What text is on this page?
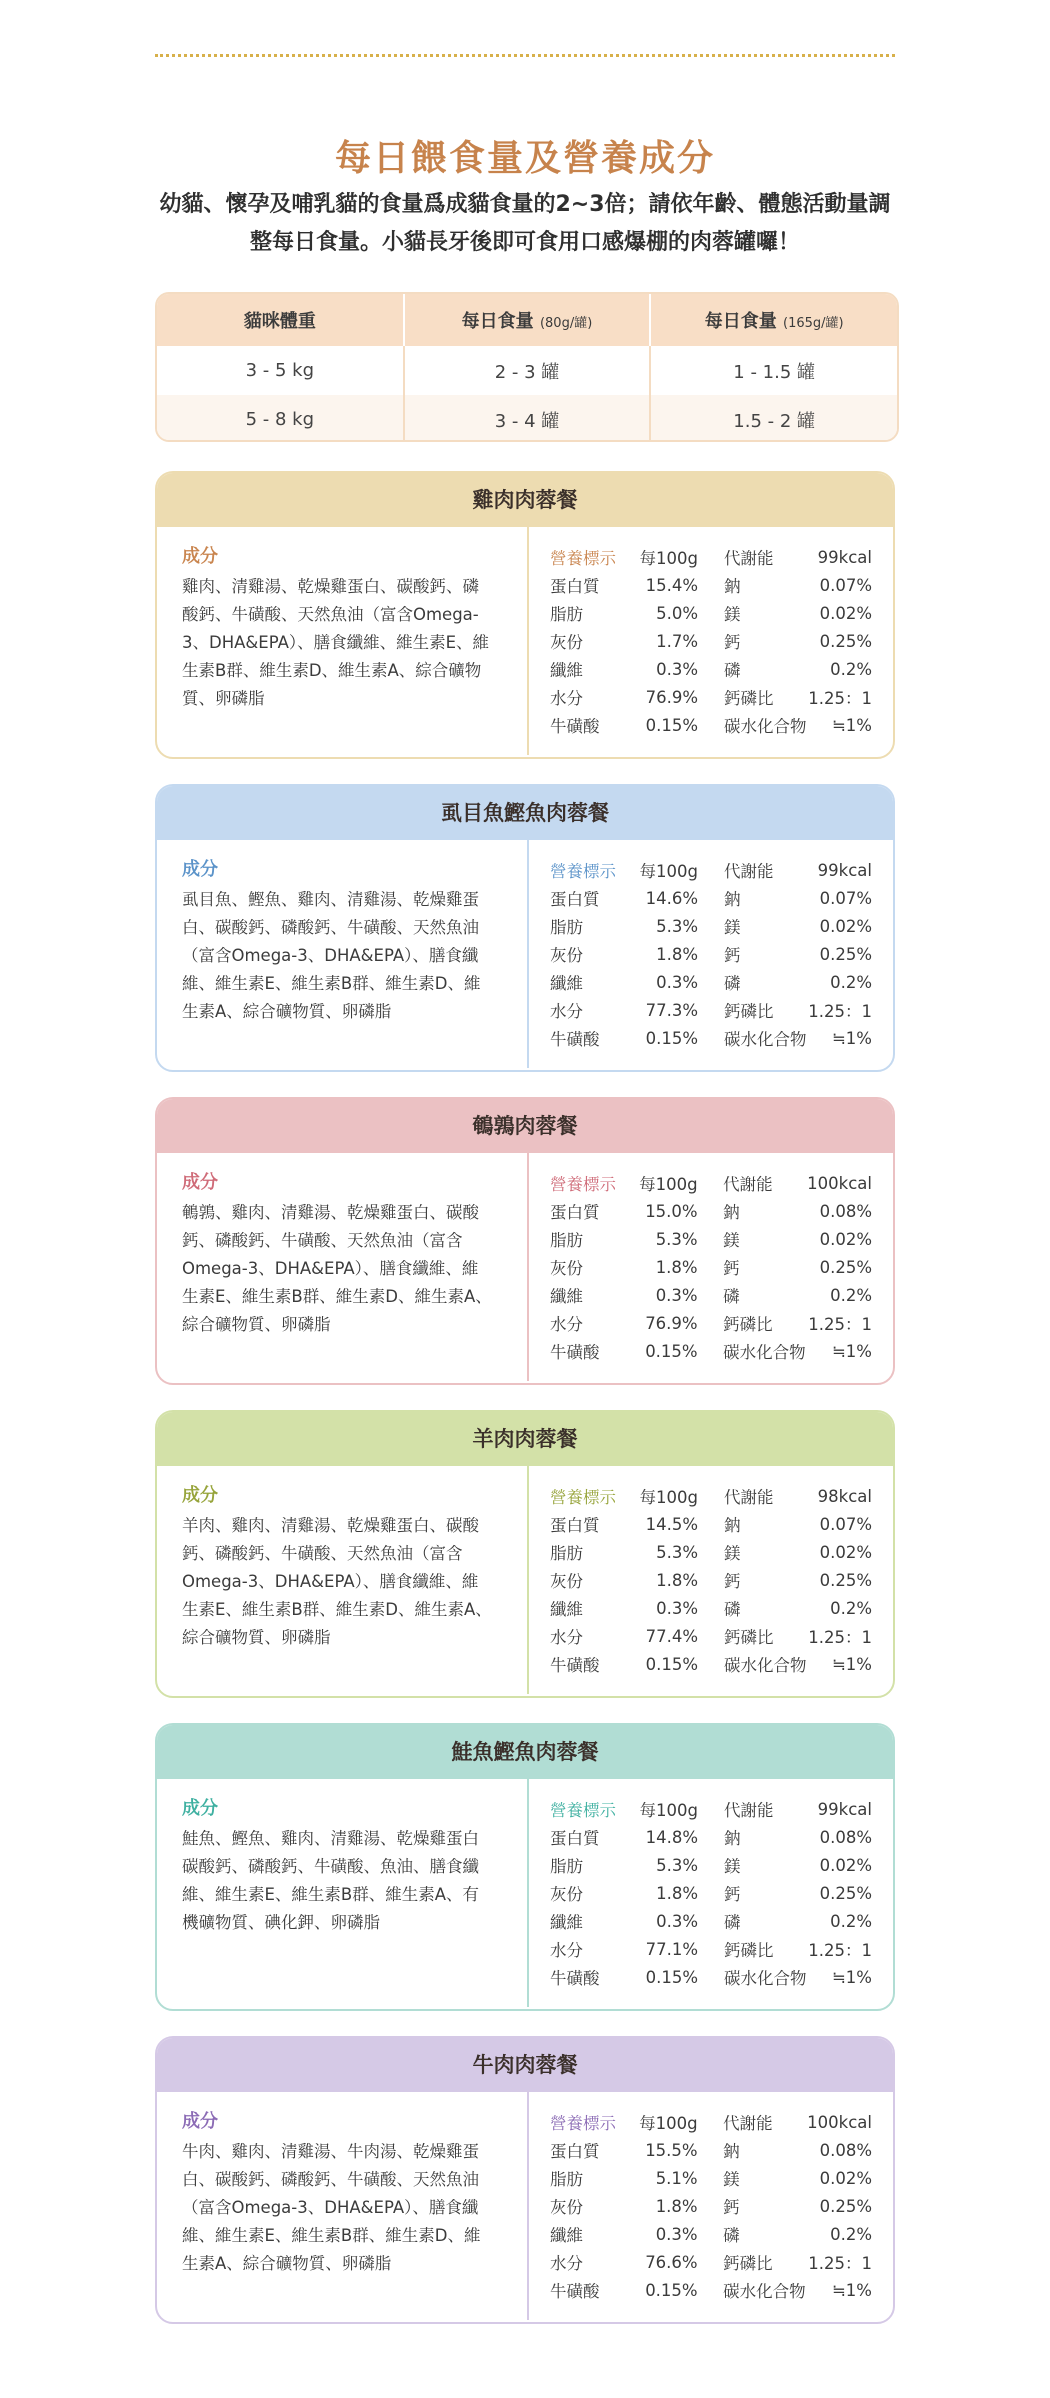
每日餵食量及營養成分
幼貓、懷孕及哺乳貓的食量爲成貓食量的2~3倍；請依年齡、體態活動量調整每日食量。小貓長牙後即可食用口感爆棚的肉蓉罐囉！
貓咪體重	每日食量 (80g/罐)	每日食量 (165g/罐)
3 - 5 kg	2 - 3 罐	1 - 1.5 罐
5 - 8 kg	3 - 4 罐	1.5 - 2 罐
雞肉肉蓉餐
成分
雞肉、清雞湯、乾燥雞蛋白、碳酸鈣、磷酸鈣、牛磺酸、天然魚油（富含Omega-3、DHA&EPA）、膳食纖維、維生素E、維生素B群、維生素D、維生素A、綜合礦物質、卵磷脂
營養標示	每100g		代謝能	99kcal
蛋白質	15.4%		鈉	0.07%
脂肪	5.0%		鎂	0.02%
灰份	1.7%		鈣	0.25%
纖維	0.3%		磷	0.2%
水分	76.9%		鈣磷比	1.25：1
牛磺酸	0.15%		碳水化合物	≒1%
虱目魚鰹魚肉蓉餐
成分
虱目魚、鰹魚、雞肉、清雞湯、乾燥雞蛋白、碳酸鈣、磷酸鈣、牛磺酸、天然魚油（富含Omega-3、DHA&EPA）、膳食纖維、維生素E、維生素B群、維生素D、維生素A、綜合礦物質、卵磷脂
營養標示	每100g		代謝能	99kcal
蛋白質	14.6%		鈉	0.07%
脂肪	5.3%		鎂	0.02%
灰份	1.8%		鈣	0.25%
纖維	0.3%		磷	0.2%
水分	77.3%		鈣磷比	1.25：1
牛磺酸	0.15%		碳水化合物	≒1%
鵪鶉肉蓉餐
成分
鵪鶉、雞肉、清雞湯、乾燥雞蛋白、碳酸鈣、磷酸鈣、牛磺酸、天然魚油（富含Omega-3、DHA&EPA）、膳食纖維、維生素E、維生素B群、維生素D、維生素A、綜合礦物質、卵磷脂
營養標示	每100g		代謝能	100kcal
蛋白質	15.0%		鈉	0.08%
脂肪	5.3%		鎂	0.02%
灰份	1.8%		鈣	0.25%
纖維	0.3%		磷	0.2%
水分	76.9%		鈣磷比	1.25：1
牛磺酸	0.15%		碳水化合物	≒1%
羊肉肉蓉餐
成分
羊肉、雞肉、清雞湯、乾燥雞蛋白、碳酸鈣、磷酸鈣、牛磺酸、天然魚油（富含Omega-3、DHA&EPA）、膳食纖維、維生素E、維生素B群、維生素D、維生素A、綜合礦物質、卵磷脂
營養標示	每100g		代謝能	98kcal
蛋白質	14.5%		鈉	0.07%
脂肪	5.3%		鎂	0.02%
灰份	1.8%		鈣	0.25%
纖維	0.3%		磷	0.2%
水分	77.4%		鈣磷比	1.25：1
牛磺酸	0.15%		碳水化合物	≒1%
鮭魚鰹魚肉蓉餐
成分
鮭魚、鰹魚、雞肉、清雞湯、乾燥雞蛋白碳酸鈣、磷酸鈣、牛磺酸、魚油、膳食纖維、維生素E、維生素B群、維生素A、有機礦物質、碘化鉀、卵磷脂
營養標示	每100g		代謝能	99kcal
蛋白質	14.8%		鈉	0.08%
脂肪	5.3%		鎂	0.02%
灰份	1.8%		鈣	0.25%
纖維	0.3%		磷	0.2%
水分	77.1%		鈣磷比	1.25：1
牛磺酸	0.15%		碳水化合物	≒1%
牛肉肉蓉餐
成分
牛肉、雞肉、清雞湯、牛肉湯、乾燥雞蛋白、碳酸鈣、磷酸鈣、牛磺酸、天然魚油（富含Omega-3、DHA&EPA）、膳食纖維、維生素E、維生素B群、維生素D、維生素A、綜合礦物質、卵磷脂
營養標示	每100g		代謝能	100kcal
蛋白質	15.5%		鈉	0.08%
脂肪	5.1%		鎂	0.02%
灰份	1.8%		鈣	0.25%
纖維	0.3%		磷	0.2%
水分	76.6%		鈣磷比	1.25：1
牛磺酸	0.15%		碳水化合物	≒1%
